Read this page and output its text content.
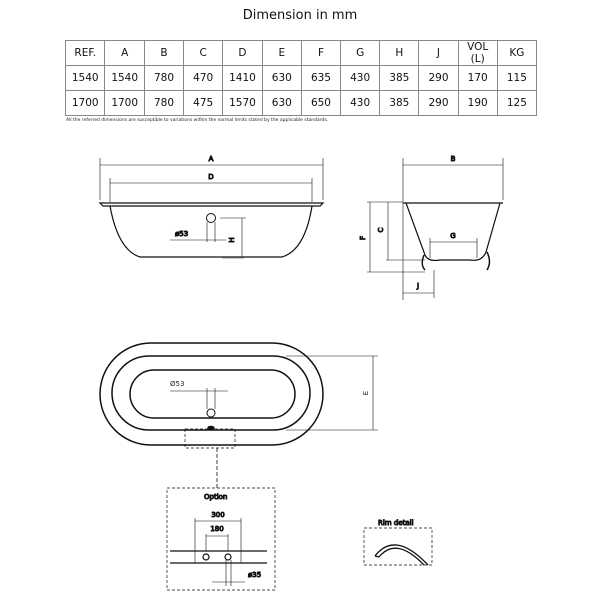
Dimension in mm
REF.	A	B	C	D	E	F	G	H	J	VOL (L)	KG
1540	1540	780	470	1410	630	635	430	385	290	170	115
1700	1700	780	475	1570	630	650	430	385	290	190	125
All the referred dimensions are susceptible to variations within the normal limits stated by the applicable standards.
A
D
H
ø53
B
F
C
G
J
Ø53
E
Option
300
180
ø35
Rim detail
